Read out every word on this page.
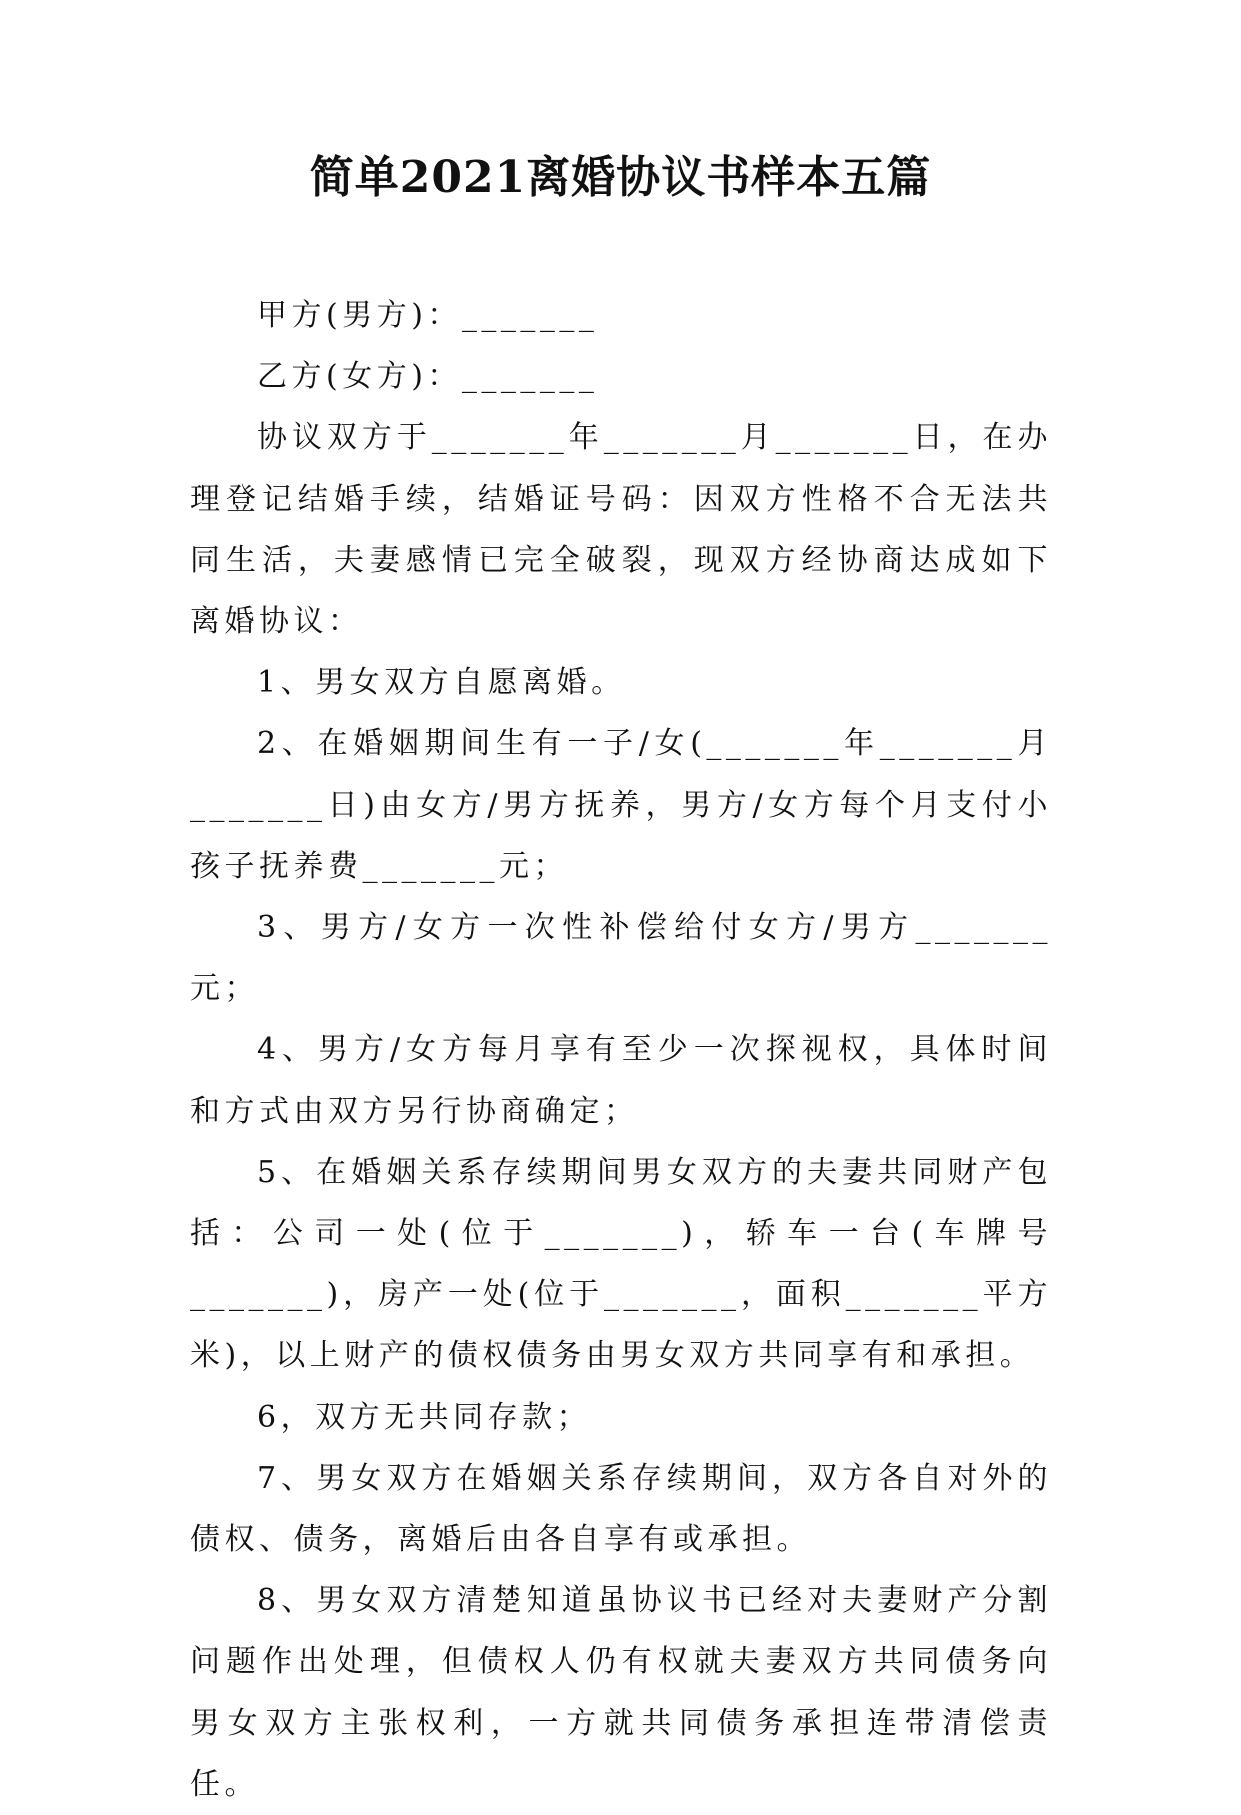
简单2021离婚协议书样本五篇

甲方(男方)：_______

乙方(女方)：_______

协议双方于_______年_______月_______日，在办理登记结婚手续，结婚证号码：因双方性格不合无法共同生活，夫妻感情已完全破裂，现双方经协商达成如下离婚协议：

1、男女双方自愿离婚。

2、在婚姻期间生有一子/女(_______年_______月_______日)由女方/男方抚养，男方/女方每个月支付小孩子抚养费_______元；

3、男方/女方一次性补偿给付女方/男方_______元；

4、男方/女方每月享有至少一次探视权，具体时间和方式由双方另行协商确定；

5、在婚姻关系存续期间男女双方的夫妻共同财产包括：公司一处(位于_______)，轿车一台(车牌号_______)，房产一处(位于_______，面积_______平方米)，以上财产的债权债务由男女双方共同享有和承担。

6，双方无共同存款；

7、男女双方在婚姻关系存续期间，双方各自对外的债权、债务，离婚后由各自享有或承担。

8、男女双方清楚知道虽协议书已经对夫妻财产分割问题作出处理，但债权人仍有权就夫妻双方共同债务向男女双方主张权利，一方就共同债务承担连带清偿责任。
